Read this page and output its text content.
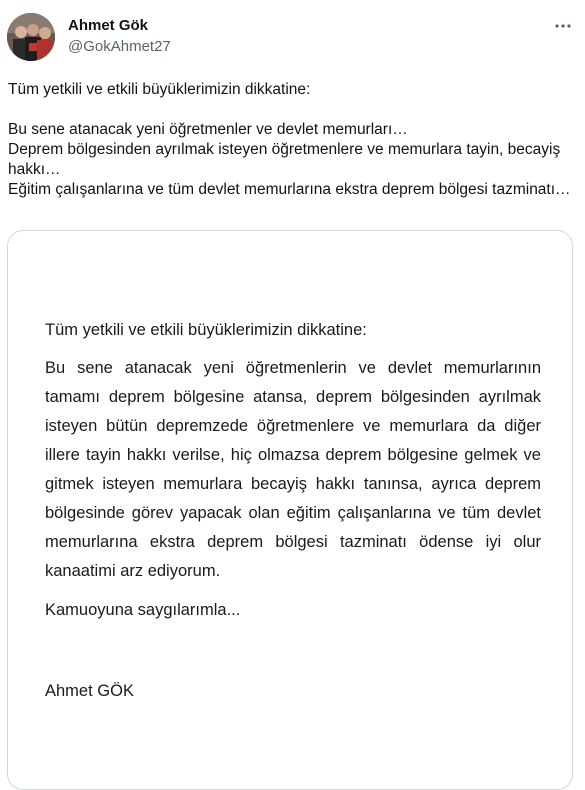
Ahmet Gök
@GokAhmet27

Tüm yetkili ve etkili büyüklerimizin dikkatine:

Bu sene atanacak yeni öğretmenler ve devlet memurları…

Deprem bölgesinden ayrılmak isteyen öğretmenlere ve memurlara tayin, becayiş hakkı…

Eğitim çalışanlarına ve tüm devlet memurlarına ekstra deprem bölgesi tazminatı…

Tüm yetkili ve etkili büyüklerimizin dikkatine:

Bu sene atanacak yeni öğretmenlerin ve devlet memurlarının tamamı deprem bölgesine atansa, deprem bölgesinden ayrılmak isteyen bütün depremzede öğretmenlere ve memurlara da diğer illere tayin hakkı verilse, hiç olmazsa deprem bölgesine gelmek ve gitmek isteyen memurlara becayiş hakkı tanınsa, ayrıca deprem bölgesinde görev yapacak olan eğitim çalışanlarına ve tüm devlet memurlarına ekstra deprem bölgesi tazminatı ödense iyi olur kanaatimi arz ediyorum.

Kamuoyuna saygılarımla...

Ahmet GÖK
